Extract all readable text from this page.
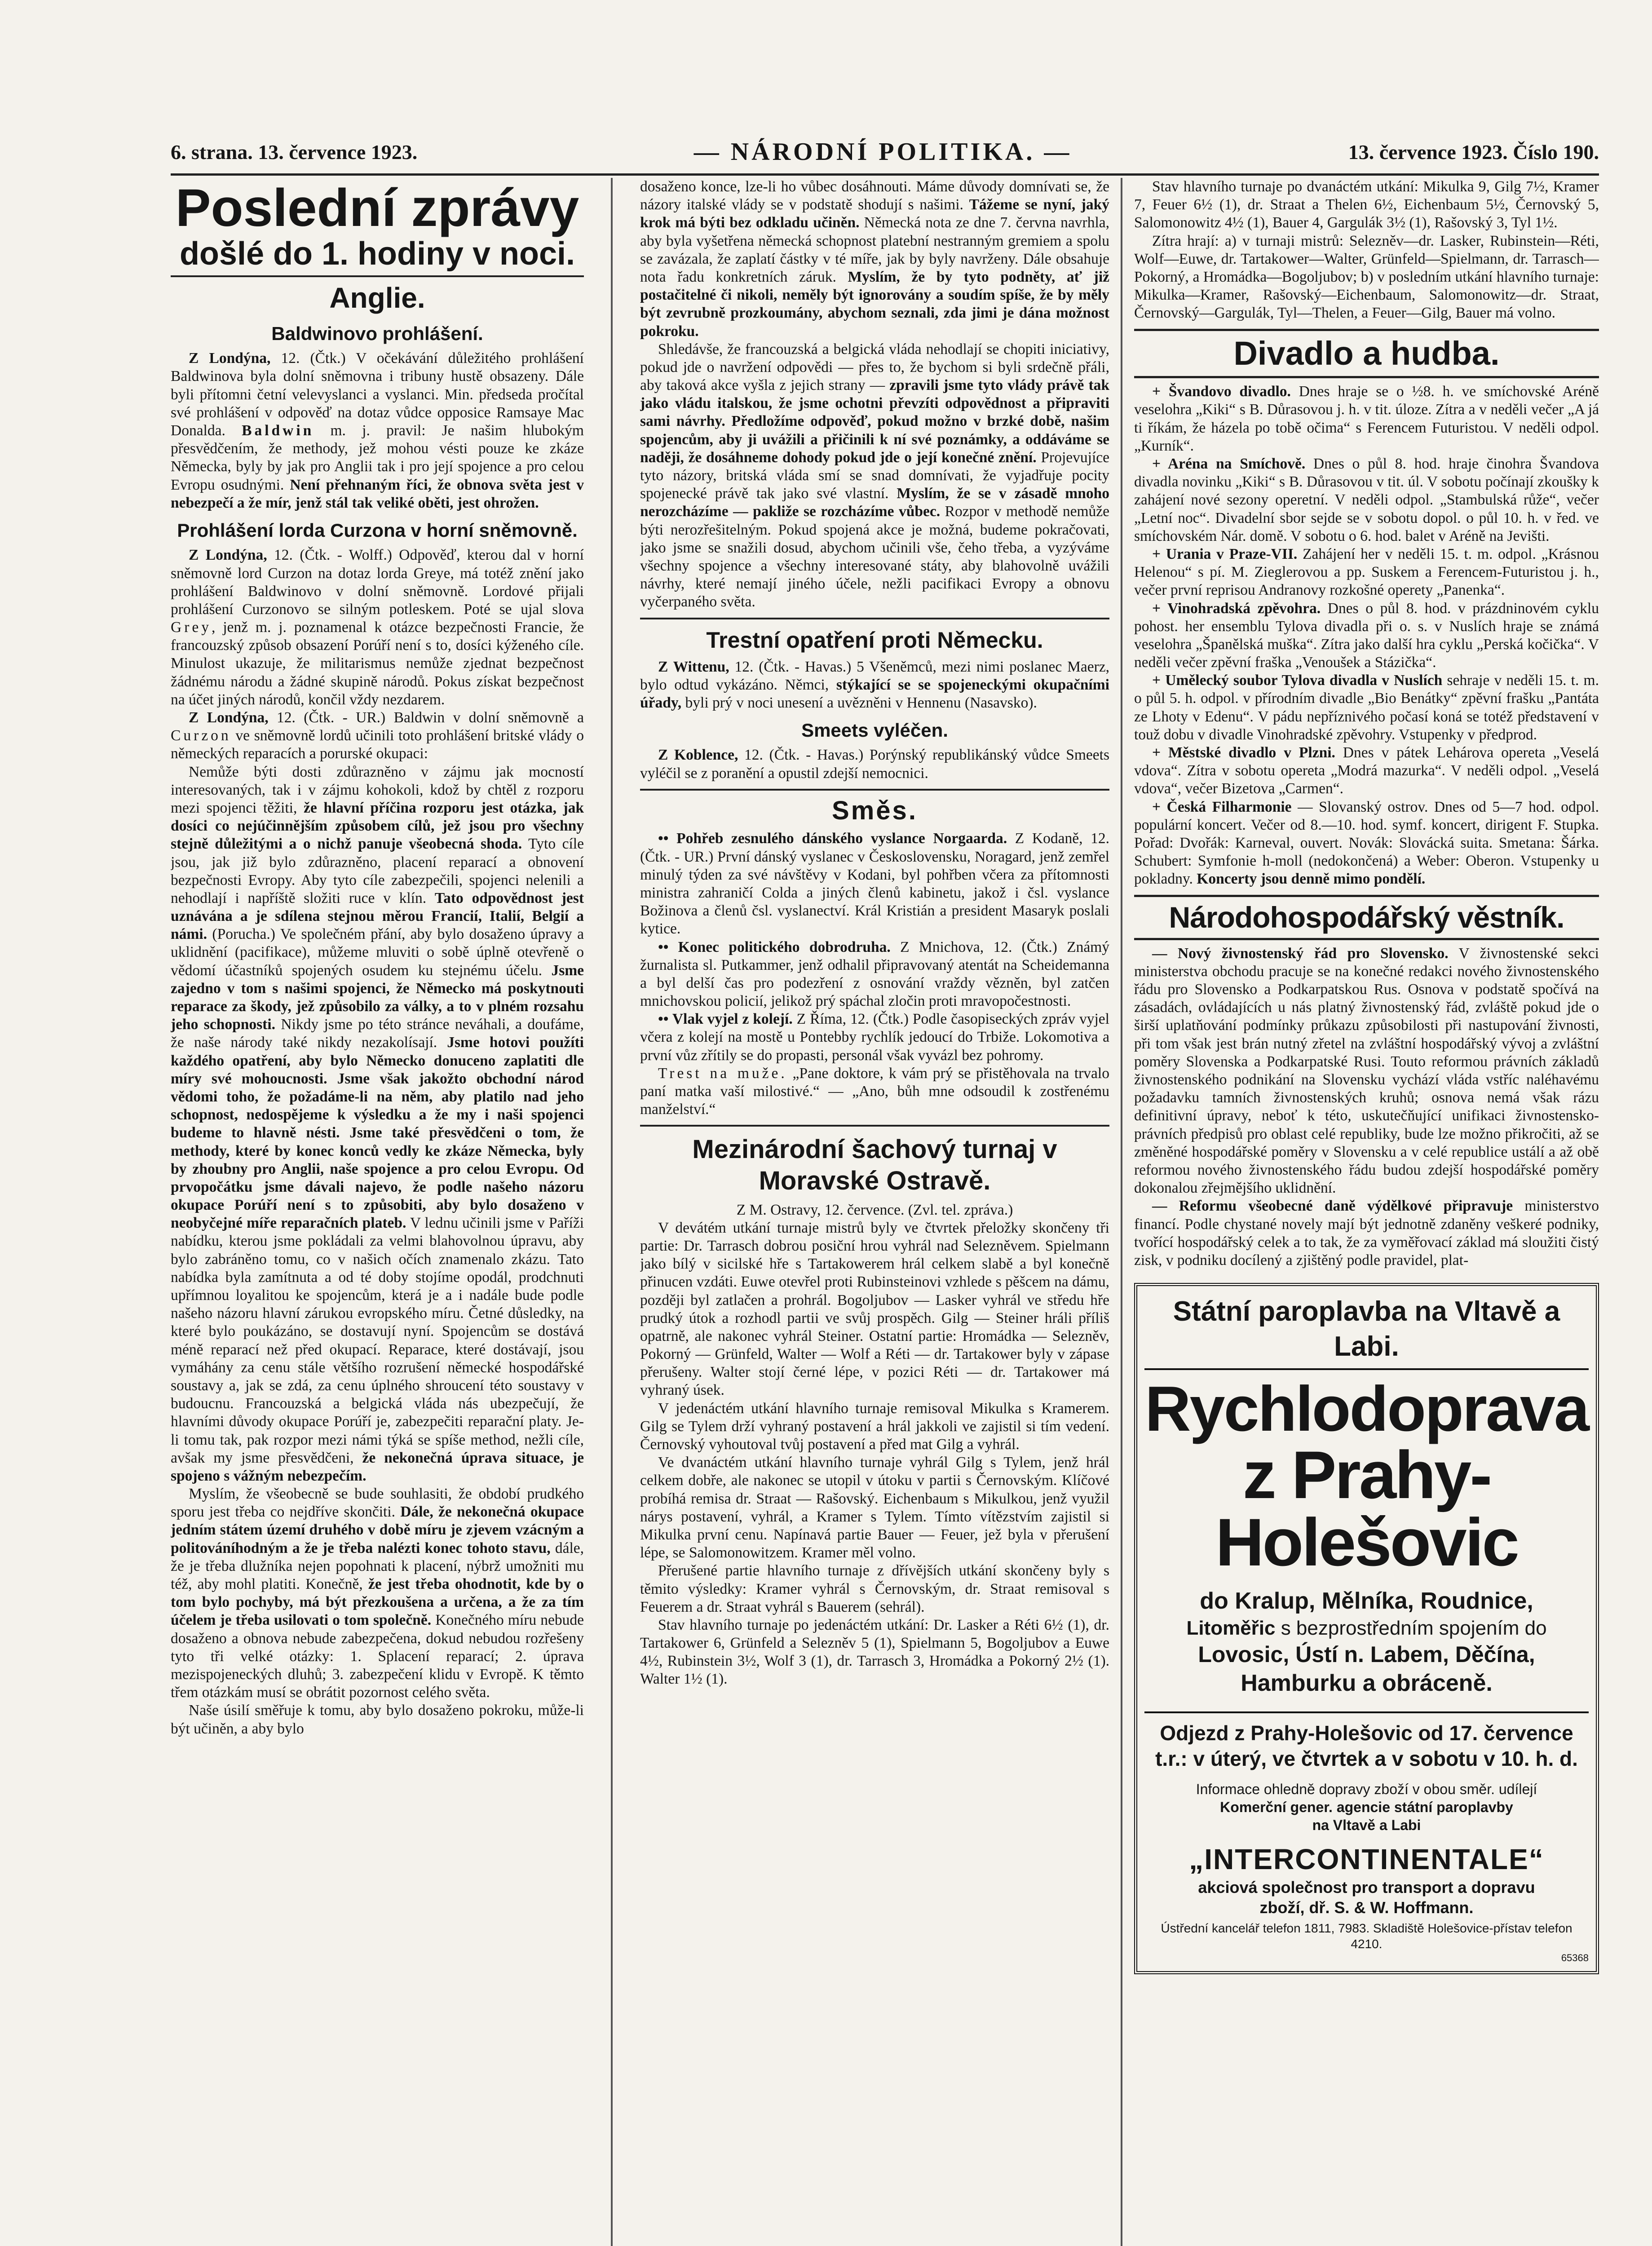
6. strana. 13. července 1923.	— NÁRODNÍ POLITIKA. —	13. července 1923. Číslo 190.
Poslední zprávy
došlé do 1. hodiny v noci.
Anglie.
Baldwinovo prohlášení.

Z Londýna, 12. (Čtk.) V očekávání důležitého prohlášení Baldwinova byla dolní sněmovna i tribuny hustě obsazeny. Dále byli přítomni četní velevyslanci a vyslanci. Min. předseda pročítal své prohlášení v odpověď na dotaz vůdce opposice Ramsaye Mac Donalda. Baldwin m. j. pravil: Je našim hlubokým přesvědčením, že methody, jež mohou vésti pouze ke zkáze Německa, byly by jak pro Anglii tak i pro její spojence a pro celou Evropu osudnými. Není přehnaným říci, že obnova světa jest v nebezpečí a že mír, jenž stál tak veliké oběti, jest ohrožen.

Prohlášení lorda Curzona v horní sněmovně.

Z Londýna, 12. (Čtk. - Wolff.) Odpověď, kterou dal v horní sněmovně lord Curzon na dotaz lorda Greye, má totéž znění jako prohlášení Baldwinovo v dolní sněmovně. Lordové přijali prohlášení Curzonovo se silným potleskem. Poté se ujal slova Grey, jenž m. j. poznamenal k otázce bezpečnosti Francie, že francouzský způsob obsazení Porúří není s to, dosíci kýženého cíle. Minulost ukazuje, že militarismus nemůže zjednat bezpečnost žádnému národu a žádné skupině národů. Pokus získat bezpečnost na účet jiných národů, končil vždy nezdarem.

Z Londýna, 12. (Čtk. - UR.) Baldwin v dolní sněmovně a Curzon ve sněmovně lordů učinili toto prohlášení britské vlády o německých reparacích a porurské okupaci:

Nemůže býti dosti zdůrazněno v zájmu jak mocností interesovaných, tak i v zájmu kohokoli, kdož by chtěl z rozporu mezi spojenci těžiti, že hlavní příčina rozporu jest otázka, jak dosíci co nejúčinnějším způsobem cílů, jež jsou pro všechny stejně důležitými a o nichž panuje všeobecná shoda. Tyto cíle jsou, jak již bylo zdůrazněno, placení reparací a obnovení bezpečnosti Evropy. Aby tyto cíle zabezpečili, spojenci nelenili a nehodlají i napříště složiti ruce v klín. Tato odpovědnost jest uznávána a je sdílena stejnou měrou Francií, Italií, Belgií a námi. (Porucha.) Ve společném přání, aby bylo dosaženo úpravy a uklidnění (pacifikace), můžeme mluviti o sobě úplně otevřeně o vědomí účastníků spojených osudem ku stejnému účelu. Jsme zajedno v tom s našimi spojenci, že Německo má poskytnouti reparace za škody, jež způsobilo za války, a to v plném rozsahu jeho schopnosti. Nikdy jsme po této stránce neváhali, a doufáme, že naše národy také nikdy nezakolísají. Jsme hotovi použíti každého opatření, aby bylo Německo donuceno zaplatiti dle míry své mohoucnosti. Jsme však jakožto obchodní národ vědomi toho, že požadáme-li na něm, aby platilo nad jeho schopnost, nedospějeme k výsledku a že my i naši spojenci budeme to hlavně nésti. Jsme také přesvědčeni o tom, že methody, které by konec konců vedly ke zkáze Německa, byly by zhoubny pro Anglii, naše spojence a pro celou Evropu. Od prvopočátku jsme dávali najevo, že podle našeho názoru okupace Porúří není s to způsobiti, aby bylo dosaženo v neobyčejné míře reparačních plateb. V lednu učinili jsme v Paříži nabídku, kterou jsme pokládali za velmi blahovolnou úpravu, aby bylo zabráněno tomu, co v našich očích znamenalo zkázu. Tato nabídka byla zamítnuta a od té doby stojíme opodál, prodchnuti upřímnou loyalitou ke spojencům, která je a i nadále bude podle našeho názoru hlavní zárukou evropského míru. Četné důsledky, na které bylo poukázáno, se dostavují nyní. Spojencům se dostává méně reparací než před okupací. Reparace, které dostávají, jsou vymáhány za cenu stále většího rozrušení německé hospodářské soustavy a, jak se zdá, za cenu úplného shroucení této soustavy v budoucnu. Francouzská a belgická vláda nás ubezpečují, že hlavními důvody okupace Porúří je, zabezpečiti reparační platy. Je-li tomu tak, pak rozpor mezi námi týká se spíše method, nežli cíle, avšak my jsme přesvědčeni, že nekonečná úprava situace, je spojeno s vážným nebezpečím.

Myslím, že všeobecně se bude souhlasiti, že období prudkého sporu jest třeba co nejdříve skončiti. Dále, že nekonečná okupace jedním státem území druhého v době míru je zjevem vzácným a politováníhodným a že je třeba nalézti konec tohoto stavu, dále, že je třeba dlužníka nejen popohnati k placení, nýbrž umožniti mu též, aby mohl platiti. Konečně, že jest třeba ohodnotit, kde by o tom bylo pochyby, má být přezkoušena a určena, a že za tím účelem je třeba usilovati o tom společně. Konečného míru nebude dosaženo a obnova nebude zabezpečena, dokud nebudou rozřešeny tyto tři velké otázky: 1. Splacení reparací; 2. úprava mezispojeneckých dluhů; 3. zabezpečení klidu v Evropě. K těmto třem otázkám musí se obrátit pozornost celého světa.

Naše úsilí směřuje k tomu, aby bylo dosaženo pokroku, může-li být učiněn, a aby bylo

dosaženo konce, lze-li ho vůbec dosáhnouti. Máme důvody domnívati se, že názory italské vlády se v podstatě shodují s našimi. Tážeme se nyní, jaký krok má býti bez odkladu učiněn. Německá nota ze dne 7. června navrhla, aby byla vyšetřena německá schopnost platební nestranným gremiem a spolu se zavázala, že zaplatí částky v té míře, jak by byly navrženy. Dále obsahuje nota řadu konkretních záruk. Myslím, že by tyto podněty, ať již postačitelné či nikoli, neměly být ignorovány a soudím spíše, že by měly být zevrubně prozkoumány, abychom seznali, zda jimi je dána možnost pokroku.

Shledávše, že francouzská a belgická vláda nehodlají se chopiti iniciativy, pokud jde o navržení odpovědi — přes to, že bychom si byli srdečně přáli, aby taková akce vyšla z jejich strany — zpravili jsme tyto vlády právě tak jako vládu italskou, že jsme ochotni převzíti odpovědnost a připraviti sami návrhy. Předložíme odpověď, pokud možno v brzké době, našim spojencům, aby ji uvážili a přičinili k ní své poznámky, a oddáváme se naději, že dosáhneme dohody pokud jde o její konečné znění. Projevujíce tyto názory, britská vláda smí se snad domnívati, že vyjadřuje pocity spojenecké právě tak jako své vlastní. Myslím, že se v zásadě mnoho nerozcházíme — pakliže se rozcházíme vůbec. Rozpor v methodě nemůže býti nerozřešitelným. Pokud spojená akce je možná, budeme pokračovati, jako jsme se snažili dosud, abychom učinili vše, čeho třeba, a vyzýváme všechny spojence a všechny interesované státy, aby blahovolně uvážili návrhy, které nemají jiného účele, nežli pacifikaci Evropy a obnovu vyčerpaného světa.

Trestní opatření proti Německu.

Z Wittenu, 12. (Čtk. - Havas.) 5 Všeněmců, mezi nimi poslanec Maerz, bylo odtud vykázáno. Němci, stýkající se se spojeneckými okupačními úřady, byli prý v noci unesení a uvězněni v Hennenu (Nasavsko).

Smeets vyléčen.

Z Koblence, 12. (Čtk. - Havas.) Porýnský republikánský vůdce Smeets vyléčil se z poranění a opustil zdejší nemocnici.

Směs.

•• Pohřeb zesnulého dánského vyslance Norgaarda. Z Kodaně, 12. (Čtk. - UR.) První dánský vyslanec v Československu, Noragard, jenž zemřel minulý týden za své návštěvy v Kodani, byl pohřben včera za přítomnosti ministra zahraničí Colda a jiných členů kabinetu, jakož i čsl. vyslance Božinova a členů čsl. vyslanectví. Král Kristián a president Masaryk poslali kytice.

•• Konec politického dobrodruha. Z Mnichova, 12. (Čtk.) Známý žurnalista sl. Putkammer, jenž odhalil připravovaný atentát na Scheidemanna a byl delší čas pro podezření z osnování vraždy vězněn, byl zatčen mnichovskou policií, jelikož prý spáchal zločin proti mravopočestnosti.

•• Vlak vyjel z kolejí. Z Říma, 12. (Čtk.) Podle časopiseckých zpráv vyjel včera z kolejí na mostě u Pontebby rychlík jedoucí do Trbiže. Lokomotiva a první vůz zřítily se do propasti, personál však vyvázl bez pohromy.

Trest na muže. „Pane doktore, k vám prý se přistěhovala na trvalo paní matka vaší milostivé.“ — „Ano, bůh mne odsoudil k zostřenému manželství.“

Mezinárodní šachový turnaj v Moravské Ostravě.

Z M. Ostravy, 12. července. (Zvl. tel. zpráva.)

V devátém utkání turnaje mistrů byly ve čtvrtek přeložky skončeny tři partie: Dr. Tarrasch dobrou posiční hrou vyhrál nad Selezněvem. Spielmann jako bílý v sicilské hře s Tartakowerem hrál celkem slabě a byl konečně přinucen vzdáti. Euwe otevřel proti Rubinsteinovi vzhlede s pěšcem na dámu, později byl zatlačen a prohrál. Bogoljubov — Lasker vyhrál ve středu hře prudký útok a rozhodl partii ve svůj prospěch. Gilg — Steiner hráli příliš opatrně, ale nakonec vyhrál Steiner. Ostatní partie: Hromádka — Selezněv, Pokorný — Grünfeld, Walter — Wolf a Réti — dr. Tartakower byly v zápase přerušeny. Walter stojí černé lépe, v pozici Réti — dr. Tartakower má vyhraný úsek.

V jedenáctém utkání hlavního turnaje remisoval Mikulka s Kramerem. Gilg se Tylem drží vyhraný postavení a hrál jakkoli ve zajistil si tím vedení. Černovský vyhoutoval tvůj postavení a před mat Gilg a vyhrál.

Ve dvanáctém utkání hlavního turnaje vyhrál Gilg s Tylem, jenž hrál celkem dobře, ale nakonec se utopil v útoku v partii s Černovským. Klíčové probíhá remisa dr. Straat — Rašovský. Eichenbaum s Mikulkou, jenž využil nárys postavení, vyhrál, a Kramer s Tylem. Tímto vítězstvím zajistil si Mikulka první cenu. Napínavá partie Bauer — Feuer, jež byla v přerušení lépe, se Salomonowitzem. Kramer měl volno.

Přerušené partie hlavního turnaje z dřívějších utkání skončeny byly s těmito výsledky: Kramer vyhrál s Černovským, dr. Straat remisoval s Feuerem a dr. Straat vyhrál s Bauerem (sehrál).

Stav hlavního turnaje po jedenáctém utkání: Dr. Lasker a Réti 6½ (1), dr. Tartakower 6, Grünfeld a Selezněv 5 (1), Spielmann 5, Bogoljubov a Euwe 4½, Rubinstein 3½, Wolf 3 (1), dr. Tarrasch 3, Hromádka a Pokorný 2½ (1). Walter 1½ (1).

Stav hlavního turnaje po dvanáctém utkání: Mikulka 9, Gilg 7½, Kramer 7, Feuer 6½ (1), dr. Straat a Thelen 6½, Eichenbaum 5½, Černovský 5, Salomonowitz 4½ (1), Bauer 4, Gargulák 3½ (1), Rašovský 3, Tyl 1½.

Zítra hrají: a) v turnaji mistrů: Selezněv—dr. Lasker, Rubinstein—Réti, Wolf—Euwe, dr. Tartakower—Walter, Grünfeld—Spielmann, dr. Tarrasch—Pokorný, a Hromádka—Bogoljubov; b) v posledním utkání hlavního turnaje: Mikulka—Kramer, Rašovský—Eichenbaum, Salomonowitz—dr. Straat, Černovský—Gargulák, Tyl—Thelen, a Feuer—Gilg, Bauer má volno.

Divadlo a hudba.

+ Švandovo divadlo. Dnes hraje se o ½8. h. ve smíchovské Aréně veselohra „Kiki“ s B. Důrasovou j. h. v tit. úloze. Zítra a v neděli večer „A já ti říkám, že házela po tobě očima“ s Ferencem Futuristou. V neděli odpol. „Kurník“.

+ Aréna na Smíchově. Dnes o půl 8. hod. hraje činohra Švandova divadla novinku „Kiki“ s B. Důrasovou v tit. úl. V sobotu počínají zkoušky k zahájení nové sezony operetní. V neděli odpol. „Stambulská růže“, večer „Letní noc“. Divadelní sbor sejde se v sobotu dopol. o půl 10. h. v řed. ve smíchovském Nár. domě. V sobotu o 6. hod. balet v Aréně na Jevišti.

+ Urania v Praze-VII. Zahájení her v neděli 15. t. m. odpol. „Krásnou Helenou“ s pí. M. Zieglerovou a pp. Suskem a Ferencem-Futuristou j. h., večer první reprisou Andranovy rozkošné operety „Panenka“.

+ Vinohradská zpěvohra. Dnes o půl 8. hod. v prázdninovém cyklu pohost. her ensemblu Tylova divadla při o. s. v Nuslích hraje se známá veselohra „Španělská muška“. Zítra jako další hra cyklu „Perská kočička“. V neděli večer zpěvní fraška „Venoušek a Stázička“.

+ Umělecký soubor Tylova divadla v Nuslích sehraje v neděli 15. t. m. o půl 5. h. odpol. v přírodním divadle „Bio Benátky“ zpěvní frašku „Pantáta ze Lhoty v Edenu“. V pádu nepříznivého počasí koná se totéž představení v touž dobu v divadle Vinohradské zpěvohry. Vstupenky v předprod.

+ Městské divadlo v Plzni. Dnes v pátek Lehárova opereta „Veselá vdova“. Zítra v sobotu opereta „Modrá mazurka“. V neděli odpol. „Veselá vdova“, večer Bizetova „Carmen“.

+ Česká Filharmonie — Slovanský ostrov. Dnes od 5—7 hod. odpol. populární koncert. Večer od 8.—10. hod. symf. koncert, dirigent F. Stupka. Pořad: Dvořák: Karneval, ouvert. Novák: Slovácká suita. Smetana: Šárka. Schubert: Symfonie h-moll (nedokončená) a Weber: Oberon. Vstupenky u pokladny. Koncerty jsou denně mimo pondělí.

Národohospodářský věstník.

— Nový živnostenský řád pro Slovensko. V živnostenské sekci ministerstva obchodu pracuje se na konečné redakci nového živnostenského řádu pro Slovensko a Podkarpatskou Rus. Osnova v podstatě spočívá na zásadách, ovládajících u nás platný živnostenský řád, zvláště pokud jde o širší uplatňování podmínky průkazu způsobilosti při nastupování živnosti, při tom však jest brán nutný zřetel na zvláštní hospodářský vývoj a zvláštní poměry Slovenska a Podkarpatské Rusi. Touto reformou právních základů živnostenského podnikání na Slovensku vychází vláda vstříc naléhavému požadavku tamních živnostenských kruhů; osnova nemá však rázu definitivní úpravy, neboť k této, uskutečňující unifikaci živnostensko-právních předpisů pro oblast celé republiky, bude lze možno přikročiti, až se změněné hospodářské poměry v Slovensku a v celé republice ustálí a až obě reformou nového živnostenského řádu budou zdejší hospodářské poměry dokonalou zřejmějšího uklidnění.

— Reformu všeobecné daně výdělkové připravuje ministerstvo financí. Podle chystané novely mají být jednotně zdaněny veškeré podniky, tvořící hospodářský celek a to tak, že za vyměřovací základ má sloužiti čistý zisk, v podniku docílený a zjištěný podle pravidel, plat-

Státní paroplavba na Vltavě a Labi.
Rychlodoprava
z Prahy-Holešovic
do Kralup, Mělníka, Roudnice,
Litoměřic s bezprostředním spojením do
Lovosic, Ústí n. Labem, Děčína,
Hamburku a obráceně.
Odjezd z Prahy-Holešovic od 17. července
t.r.: v úterý, ve čtvrtek a v sobotu v 10. h. d.
Informace ohledně dopravy zboží v obou směr. udílejí
Komerční gener. agencie státní paroplavby
na Vltavě a Labi
„INTERCONTINENTALE“
akciová společnost pro transport a dopravu
zboží, dř. S. & W. Hoffmann.
Ústřední kancelář telefon 1811, 7983. Skladiště Holešovice-přístav telefon 4210.
65368
